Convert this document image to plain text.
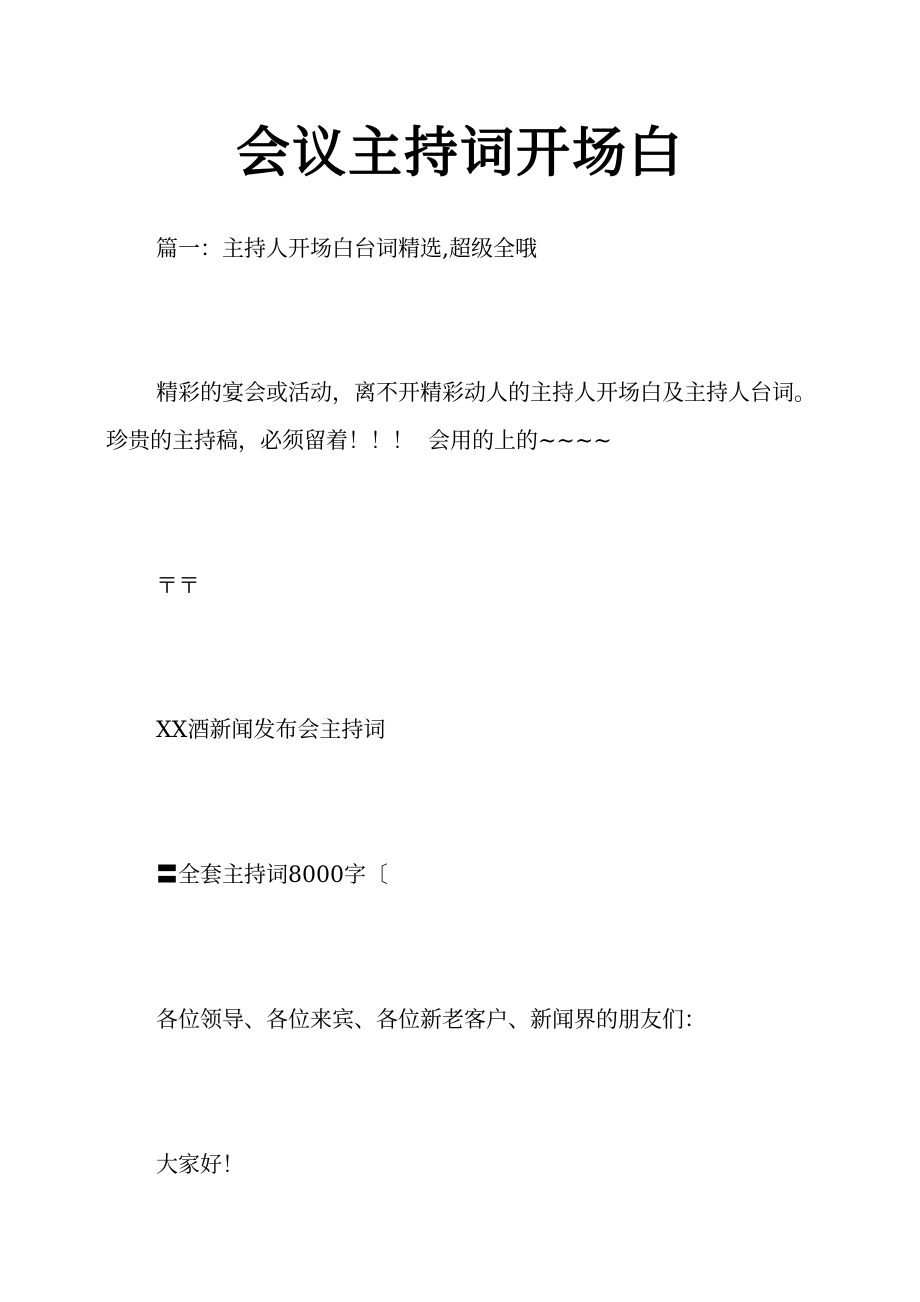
会议主持词开场白
篇一：主持人开场白台词精选,超级全哦
精彩的宴会或活动，离不开精彩动人的主持人开场白及主持人台词。珍贵的主持稿，必须留着！！！  会用的上的~~~~
〒〒
XX酒新闻发布会主持词
〓全套主持词8000字〔
各位领导、各位来宾、各位新老客户、新闻界的朋友们：
大家好！
